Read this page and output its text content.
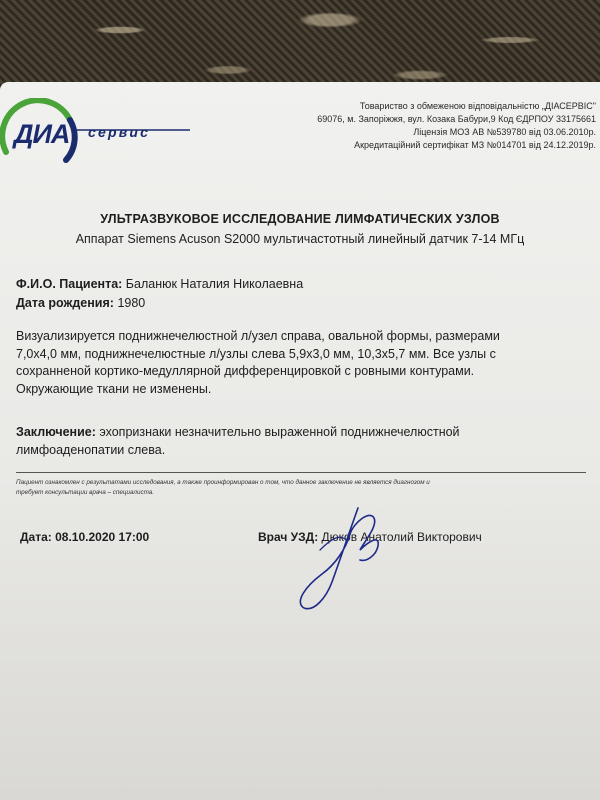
ДИА сервис
Товариство з обмеженою відповідальністю „ДІАСЕРВІС"
69076, м. Запоріжжя, вул. Козака Бабури,9 Код ЄДРПОУ 33175661
Ліцензія МОЗ АВ №539780 від 03.06.2010р.
Акредитаційний сертифікат МЗ №014701 від 24.12.2019р.
УЛЬТРАЗВУКОВОЕ ИССЛЕДОВАНИЕ ЛИМФАТИЧЕСКИХ УЗЛОВ
Аппарат Siemens Acuson S2000 мультичастотный линейный датчик 7-14 МГц
Ф.И.О. Пациента: Баланюк Наталия Николаевна
Дата рождения: 1980
Визуализируется поднижнечелюстной л/узел справа, овальной формы, размерами
7,0х4,0 мм, поднижнечелюстные л/узлы слева 5,9х3,0 мм, 10,3х5,7 мм. Все узлы с
сохранненой кортико-медуллярной дифференцировкой с ровными контурами.
Окружающие ткани не изменены.
Заключение: эхопризнаки незначительно выраженной поднижнечелюстной
лимфоаденопатии слева.
Пациент ознакомлен с результатами исследования, а также проинформирован о том, что данное заключение не является диагнозом и
требует консультации врача – специалиста.
Дата: 08.10.2020 17:00	Врач УЗД: Дюков Анатолий Викторович
